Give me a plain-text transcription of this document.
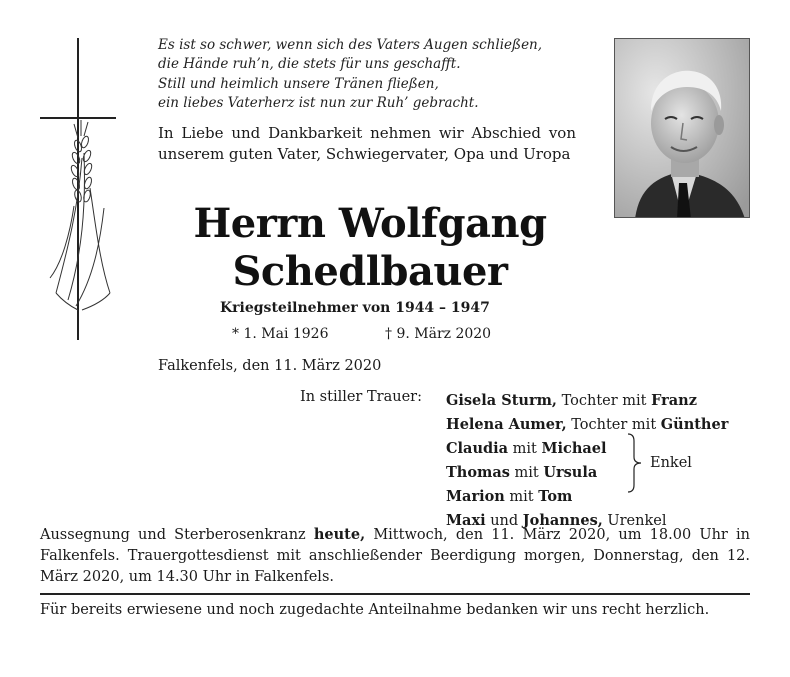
Es ist so schwer, wenn sich des Vaters Augen schließen,
die Hände ruh’n, die stets für uns geschafft.
Still und heimlich unsere Tränen fließen,
ein liebes Vaterherz ist nun zur Ruh’ gebracht.
In Liebe und Dankbarkeit nehmen wir Abschied von unserem guten Vater, Schwiegervater, Opa und Uropa
Herrn Wolfgang
Schedlbauer
Kriegsteilnehmer von 1944 – 1947
* 1. Mai 1926	† 9. März 2020
Falkenfels, den 11. März 2020
In stiller Trauer: Gisela Sturm, Tochter mit Franz
Helena Aumer, Tochter mit Günther
Claudia mit Michael
Thomas mit Ursula
Marion mit Tom
Maxi und Johannes, Urenkel
Enkel
Aussegnung und Sterberosenkranz heute, Mittwoch, den 11. März 2020, um 18.00 Uhr in Falkenfels. Trauergottesdienst mit anschließender Beerdigung morgen, Donnerstag, den 12. März 2020, um 14.30 Uhr in Falkenfels.
Für bereits erwiesene und noch zugedachte Anteilnahme bedanken wir uns recht herzlich.
